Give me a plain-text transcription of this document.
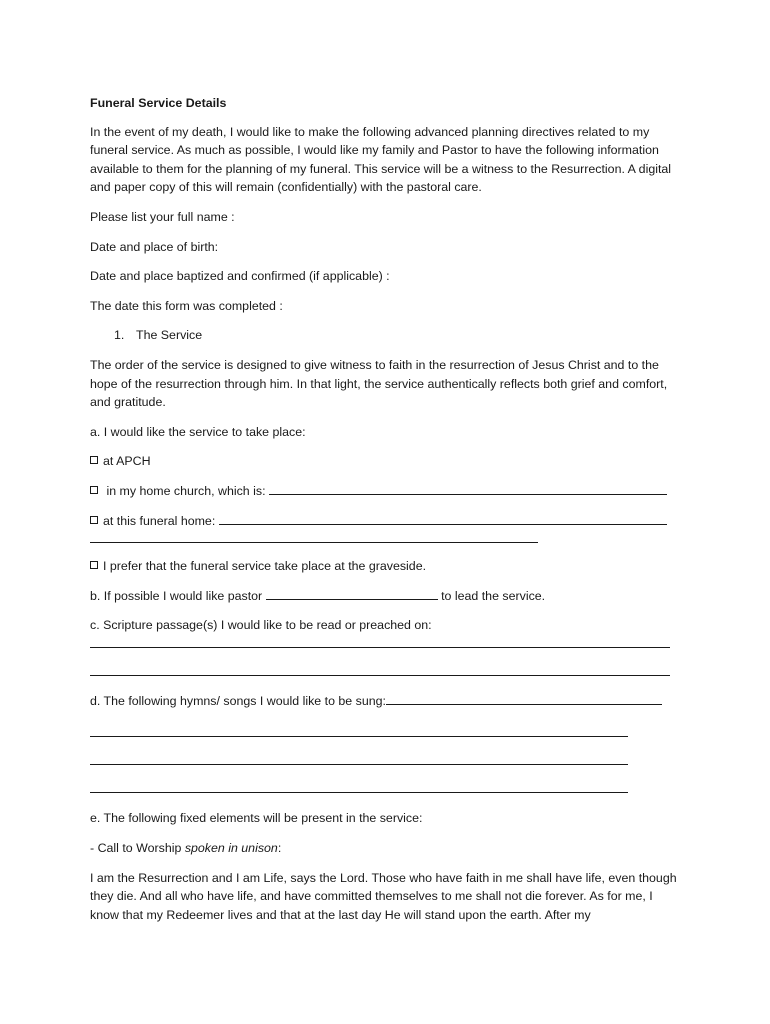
Funeral Service Details

In the event of my death, I would like to make the following advanced planning directives related to my funeral service. As much as possible, I would like my family and Pastor to have the following information available to them for the planning of my funeral. This service will be a witness to the Resurrection. A digital and paper copy of this will remain (confidentially) with the pastoral care.

Please list your full name :

Date and place of birth:

Date and place baptized and confirmed (if applicable) :

The date this form was completed :

1. The Service

The order of the service is designed to give witness to faith in the resurrection of Jesus Christ and to the hope of the resurrection through him. In that light, the service authentically reflects both grief and comfort, and gratitude.

a. I would like the service to take place:

at APCH

in my home church, which is:

at this funeral home:

I prefer that the funeral service take place at the graveside.

b. If possible I would like pastor	to lead the service.

c. Scripture passage(s) I would like to be read or preached on:

d. The following hymns/ songs I would like to be sung:

e. The following fixed elements will be present in the service:

- Call to Worship spoken in unison:

I am the Resurrection and I am Life, says the Lord. Those who have faith in me shall have life, even though they die. And all who have life, and have committed themselves to me shall not die forever. As for me, I know that my Redeemer lives and that at the last day He will stand upon the earth. After my
